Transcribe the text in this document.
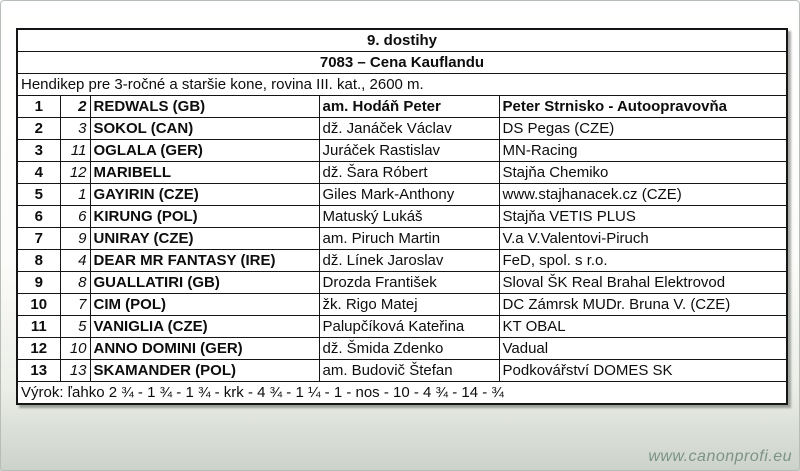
9. dostihy				
7083 – Cena Kauflandu				
Hendikep pre 3-ročné a staršie kone, rovina III. kat., 2600 m.				
1	2	REDWALS (GB)	am. Hodáň Peter	Peter Strnisko - Autoopravovňa
2	3	SOKOL (CAN)	dž. Janáček Václav	DS Pegas (CZE)
3	11	OGLALA (GER)	Juráček Rastislav	MN-Racing
4	12	MARIBELL	dž. Šara Róbert	Stajňa Chemiko
5	1	GAYIRIN (CZE)	Giles Mark-Anthony	www.stajhanacek.cz (CZE)
6	6	KIRUNG (POL)	Matuský Lukáš	Stajňa VETIS PLUS
7	9	UNIRAY (CZE)	am. Piruch Martin	V.a V.Valentovi-Piruch
8	4	DEAR MR FANTASY (IRE)	dž. Línek Jaroslav	FeD, spol. s r.o.
9	8	GUALLATIRI (GB)	Drozda František	Sloval ŠK Real Brahal Elektrovod
10	7	CIM (POL)	žk. Rigo Matej	DC Zámrsk MUDr. Bruna V. (CZE)
11	5	VANIGLIA (CZE)	Palupčíková Kateřina	KT OBAL
12	10	ANNO DOMINI (GER)	dž. Šmida Zdenko	Vadual
13	13	SKAMANDER (POL)	am. Budovič Štefan	Podkovářství DOMES SK
Výrok: ľahko 2 ¾ - 1 ¾ - 1 ¾ - krk - 4 ¾ - 1 ¼ - 1 - nos - 10 - 4 ¾ - 14 - ¾				
www.canonprofi.eu
